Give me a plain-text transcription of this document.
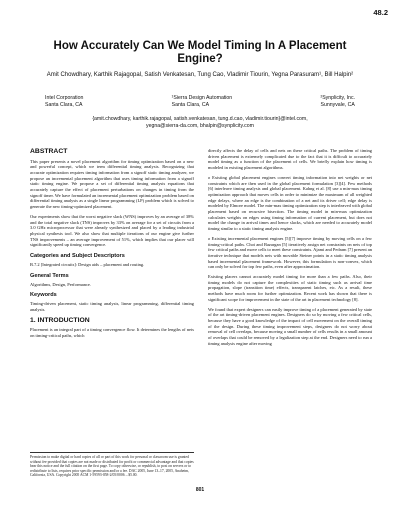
48.2
How Accurately Can We Model Timing In A Placement Engine?
Amit Chowdhary, Karthik Rajagopal, Satish Venkatesan, Tung Cao, Vladimir Tiourin, Yegna Parasuram¹, Bill Halpin²
Intel Corporation
Santa Clara, CA
¹Sierra Design Automation
Santa Clara, CA
²Synplicity, Inc.
Sunnyvale, CA
{amit.chowdhary, karthik.rajagopal, satish.venkatesan, tung.d.cao, vladimir.tiourin}@intel.com,
yegna@sierra-da.com, bhalpin@synplicity.com
ABSTRACT

This paper presents a novel placement algorithm for timing optimization based on a new and powerful concept, which we term differential timing analysis. Recognizing that accurate optimization requires timing information from a signoff static timing analyzer, we propose an incremental placement algorithm that uses timing information from a signoff static timing engine. We propose a set of differential timing analysis equations that accurately capture the effect of placement perturbations on changes in timing from the signoff timer. We have formulated an incremental placement optimization problem based on differential timing analysis as a single linear programming (LP) problem which is solved to generate the new timing-optimized placement.

Our experiments show that the worst negative slack (WNS) improves by an average of 38% and the total negative slack (TNS) improves by 33% on average for a set of circuits from a 3.0 GHz microprocessor that were already synthesized and placed by a leading industrial physical synthesis tool. We also show that multiple iterations of our engine give further TNS improvements – an average improvement of 51%, which implies that our placer will significantly speed up timing convergence.

Categories and Subject Descriptors

B.7.2 [Integrated circuits]: Design aids – placement and routing.

General Terms

Algorithms, Design, Performance.

Keywords

Timing-driven placement, static timing analysis, linear programming, differential timing analysis.

1. INTRODUCTION

Placement is an integral part of a timing convergence flow. It determines the lengths of nets on timing-critical paths, which

Permission to make digital or hard copies of all or part of this work for personal or classroom use is granted without fee provided that copies are not made or distributed for profit or commercial advantage and that copies bear this notice and the full citation on the first page. To copy otherwise, or republish, to post on servers or to redistribute to lists, requires prior specific permission and/or a fee. DAC 2005, June 13–17, 2005, Anaheim, California, USA. Copyright 2005 ACM 1-59593-058-2/05/0006 ...$5.00.

directly affects the delay of cells and nets on these critical paths. The problem of timing driven placement is extremely complicated due to the fact that it is difficult to accurately model timing as a function of the placement of cells. We briefly explain how timing is modeled in existing placement algorithms.

o Existing global placement engines convert timing information into net weights or net constraints which are then used in the global placement formulation [3][4]. Few methods [6] interleave timing analysis and global placement. Kahng et al. [8] use a min-max timing optimization approach that moves cells in order to minimize the maximum of all weighted edge delays, where an edge is the combination of a net and its driver cell; edge delay is modeled by Elmore model. The min-max timing optimization step is interleaved with global placement based on recursive bisection. The timing model in min-max optimization calculates weights on edges using timing information of current placement, but does not model the change in arrival times and hence slacks, which are needed to accurately model timing similar to a static timing analysis engine.

o Existing incremental placement engines [5][7] improve timing by moving cells on a few timing-critical paths. Choi and Bazargan [5] iteratively assign net constraints on nets of top few critical paths and move cells to meet these constraints. Ajami and Pedram [7] present an iterative technique that models nets with movable Steiner points in a static timing analysis based incremental placement framework. However, this formulation is non-convex, which can only be solved for top few paths, even after approximation.

Existing placers cannot accurately model timing for more than a few paths. Also, their timing models do not capture the complexities of static timing such as arrival time propagation, slope (transition time) effects, transparent latches, etc. As a result, these methods have much room for further optimization. Recent work has shown that there is significant scope for improvement in the state of the art in placement technology [8].

We found that expert designers can easily improve timing of a placement generated by state of the art timing-driven placement engines. Designers do so by moving a few critical cells, because they have a good knowledge of the impact of cell movement on the overall timing of the design. During these timing improvement steps, designers do not worry about removal of cell overlaps, because moving a small number of cells results in a small amount of overlaps that could be removed by a legalization step at the end. Designers need to run a timing analysis engine after moving

801
